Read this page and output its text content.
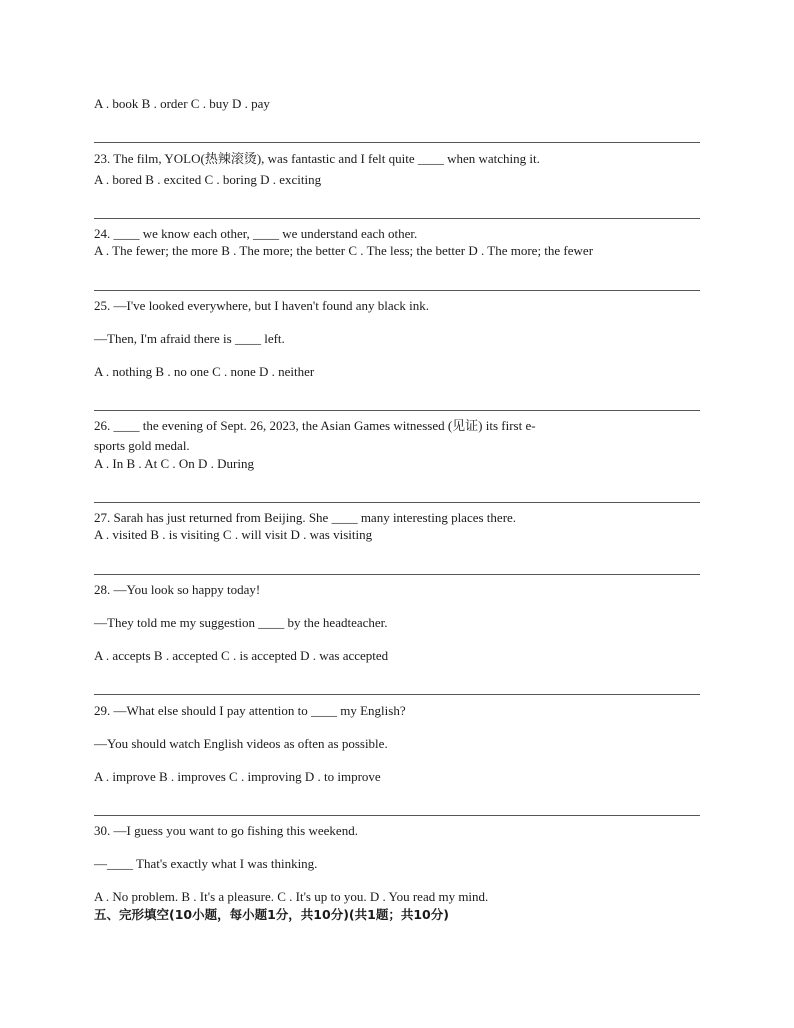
A . book B . order C . buy D . pay
23. The film, YOLO(热辣滚烫), was fantastic and I felt quite ____ when watching it.
A . bored B . excited C . boring D . exciting
24. ____ we know each other, ____ we understand each other.
A . The fewer; the more B . The more; the better C . The less; the better D . The more; the fewer
25. —I've looked everywhere, but I haven't found any black ink.
—Then, I'm afraid there is ____ left.
A . nothing B . no one C . none D . neither
26. ____ the evening of Sept. 26, 2023, the Asian Games witnessed (见证) its first e-
sports gold medal.
A . In B . At C . On D . During
27. Sarah has just returned from Beijing. She ____ many interesting places there.
A . visited B . is visiting C . will visit D . was visiting
28. —You look so happy today!
—They told me my suggestion ____ by the headteacher.
A . accepts B . accepted C . is accepted D . was accepted
29. —What else should I pay attention to ____ my English?
—You should watch English videos as often as possible.
A . improve B . improves C . improving D . to improve
30. —I guess you want to go fishing this weekend.
—____ That's exactly what I was thinking.
A . No problem. B . It's a pleasure. C . It's up to you. D . You read my mind.
五、完形填空(10小题，每小题1分，共10分)(共1题；共10分)
